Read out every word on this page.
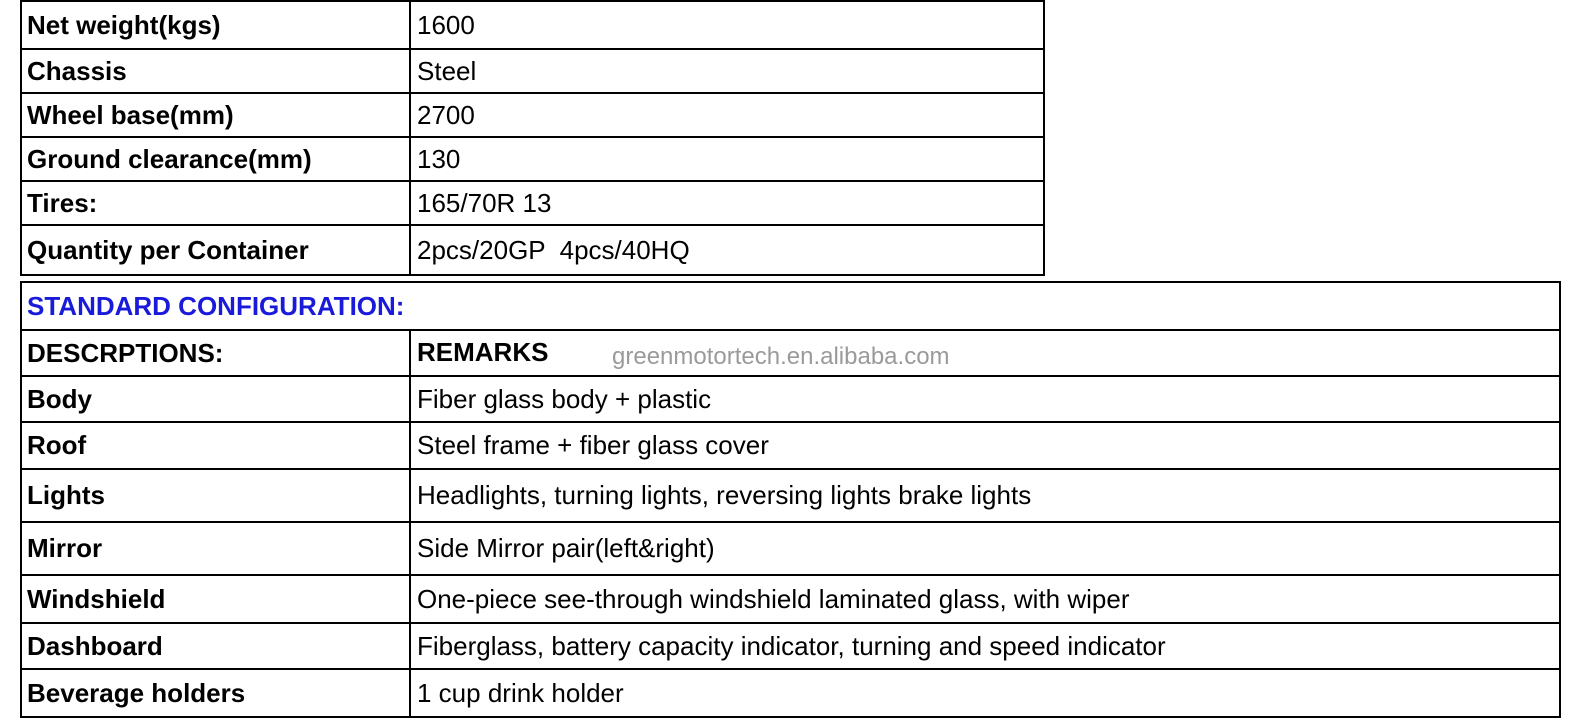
Net weight(kgs)	1600
Chassis	Steel
Wheel base(mm)	2700
Ground clearance(mm)	130
Tires:	165/70R 13
Quantity per Container	2pcs/20GP  4pcs/40HQ
STANDARD CONFIGURATION:	
DESCRPTIONS:	REMARKS
Body	Fiber glass body + plastic
Roof	Steel frame + fiber glass cover
Lights	Headlights, turning lights, reversing lights brake lights
Mirror	Side Mirror pair(left&right)
Windshield	One-piece see-through windshield laminated glass, with wiper
Dashboard	Fiberglass, battery capacity indicator, turning and speed indicator
Beverage holders	1 cup drink holder
greenmotortech.en.alibaba.com
